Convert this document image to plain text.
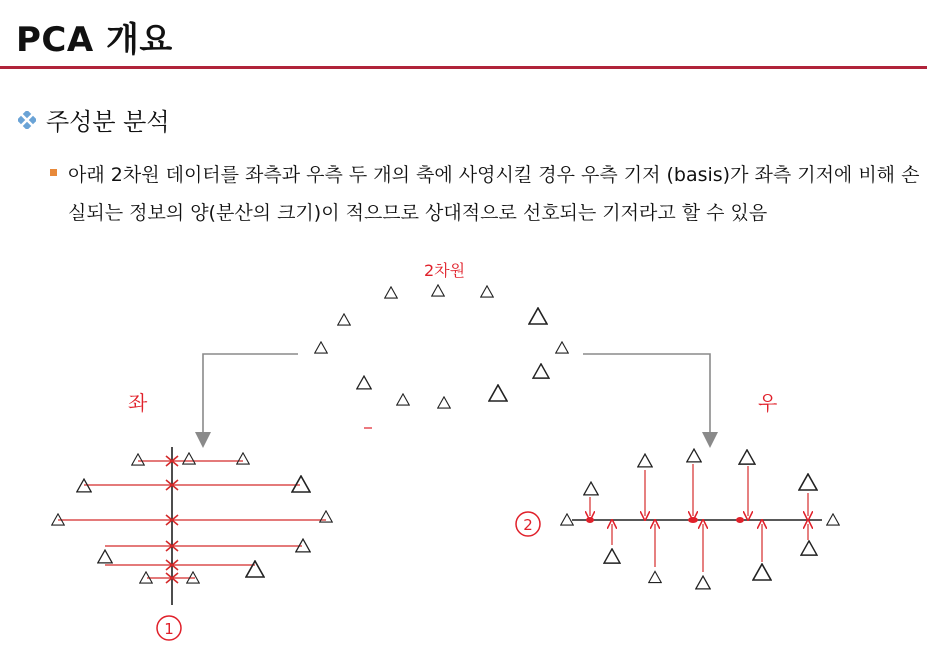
PCA 개요
주성분 분석
아래 2차원 데이터를 좌측과 우측 두 개의 축에 사영시킬 경우 우측 기저 (basis)가 좌측 기저에 비해 손실되는 정보의 양(분산의 크기)이 적으므로 상대적으로 선호되는 기저라고 할 수 있음
좌
1
우
2
2차원
